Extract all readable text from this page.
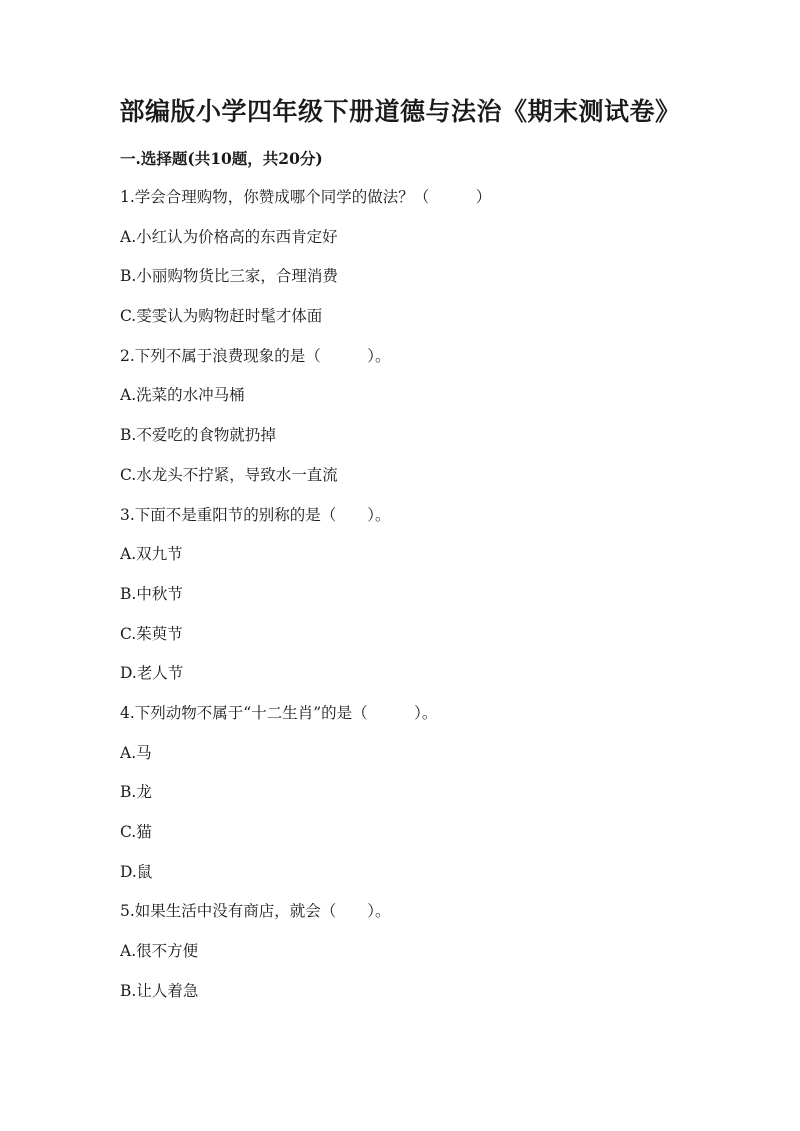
部编版小学四年级下册道德与法治《期末测试卷》
一.选择题(共10题，共20分)
1.学会合理购物，你赞成哪个同学的做法？（　　　）
A.小红认为价格高的东西肯定好
B.小丽购物货比三家，合理消费
C.雯雯认为购物赶时髦才体面
2.下列不属于浪费现象的是（　　　）。
A.洗菜的水冲马桶
B.不爱吃的食物就扔掉
C.水龙头不拧紧，导致水一直流
3.下面不是重阳节的别称的是（　　）。
A.双九节
B.中秋节
C.茱萸节
D.老人节
4.下列动物不属于“十二生肖”的是（　　　）。
A.马
B.龙
C.猫
D.鼠
5.如果生活中没有商店，就会（　　）。
A.很不方便
B.让人着急
